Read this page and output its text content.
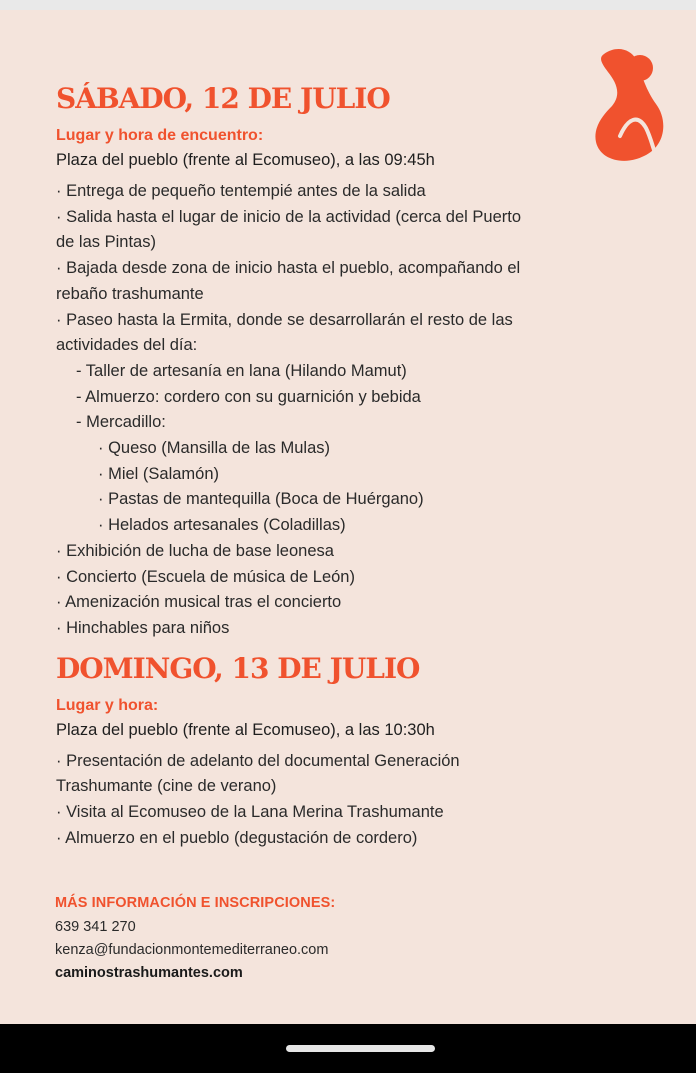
SÁBADO, 12 DE JULIO
Lugar y hora de encuentro:
Plaza del pueblo (frente al Ecomuseo), a las 09:45h
· Entrega de pequeño tentempié antes de la salida
· Salida hasta el lugar de inicio de la actividad (cerca del Puerto
de las Pintas)
· Bajada desde zona de inicio hasta el pueblo, acompañando el
rebaño trashumante
· Paseo hasta la Ermita, donde se desarrollarán el resto de las
actividades del día:
- Taller de artesanía en lana (Hilando Mamut)
- Almuerzo: cordero con su guarnición y bebida
- Mercadillo:
· Queso (Mansilla de las Mulas)
· Miel (Salamón)
· Pastas de mantequilla (Boca de Huérgano)
· Helados artesanales (Coladillas)
· Exhibición de lucha de base leonesa
· Concierto (Escuela de música de León)
· Amenización musical tras el concierto
· Hinchables para niños
DOMINGO, 13 DE JULIO
Lugar y hora:
Plaza del pueblo (frente al Ecomuseo), a las 10:30h
· Presentación de adelanto del documental Generación
Trashumante (cine de verano)
· Visita al Ecomuseo de la Lana Merina Trashumante
· Almuerzo en el pueblo (degustación de cordero)
MÁS INFORMACIÓN E INSCRIPCIONES:
639 341 270
kenza@fundacionmontemediterraneo.com
caminostrashumantes.com
